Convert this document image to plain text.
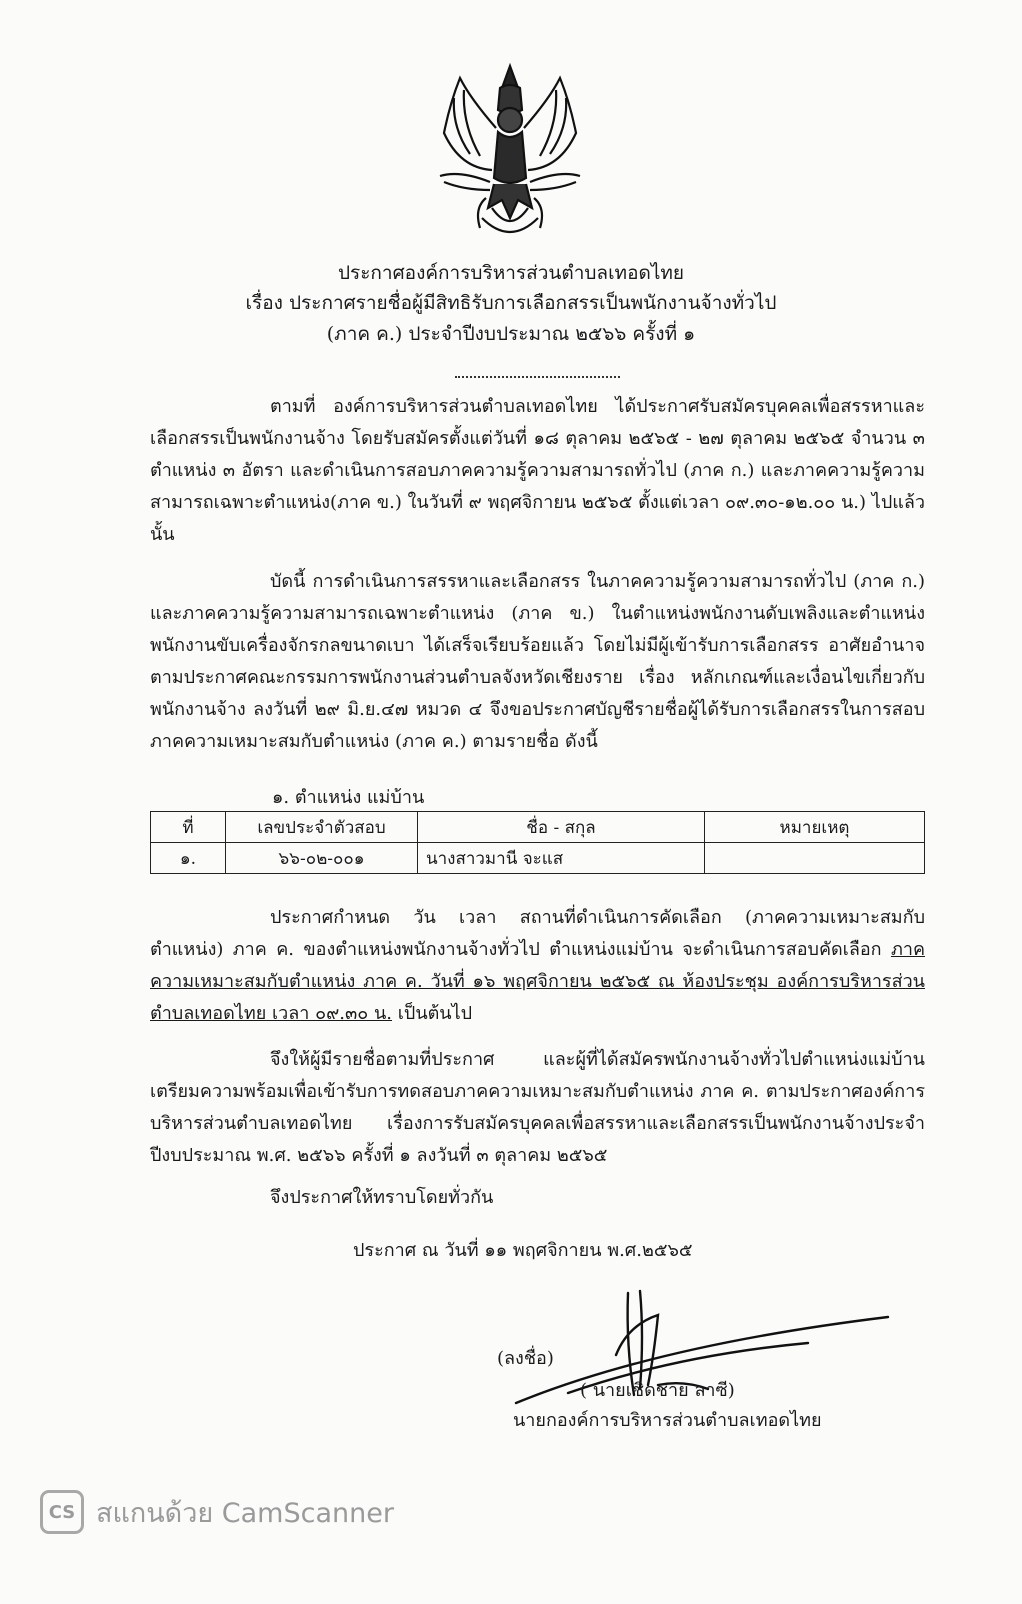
ประกาศองค์การบริหารส่วนตำบลเทอดไทย
เรื่อง ประกาศรายชื่อผู้มีสิทธิรับการเลือกสรรเป็นพนักงานจ้างทั่วไป
(ภาค ค.) ประจำปีงบประมาณ ๒๕๖๖ ครั้งที่ ๑
ตามที่ องค์การบริหารส่วนตำบลเทอดไทย ได้ประกาศรับสมัครบุคคลเพื่อสรรหาและเลือกสรรเป็นพนักงานจ้าง โดยรับสมัครตั้งแต่วันที่ ๑๘ ตุลาคม ๒๕๖๕ - ๒๗ ตุลาคม ๒๕๖๕ จำนวน ๓ ตำแหน่ง ๓ อัตรา และดำเนินการสอบภาคความรู้ความสามารถทั่วไป (ภาค ก.) และภาคความรู้ความสามารถเฉพาะตำแหน่ง(ภาค ข.) ในวันที่ ๙ พฤศจิกายน ๒๕๖๕ ตั้งแต่เวลา ๐๙.๓๐-๑๒.๐๐ น.) ไปแล้วนั้น
บัดนี้ การดำเนินการสรรหาและเลือกสรร ในภาคความรู้ความสามารถทั่วไป (ภาค ก.) และภาคความรู้ความสามารถเฉพาะตำแหน่ง (ภาค ข.) ในตำแหน่งพนักงานดับเพลิงและตำแหน่งพนักงานขับเครื่องจักรกลขนาดเบา ได้เสร็จเรียบร้อยแล้ว โดยไม่มีผู้เข้ารับการเลือกสรร อาศัยอำนาจตามประกาศคณะกรรมการพนักงานส่วนตำบลจังหวัดเชียงราย เรื่อง หลักเกณฑ์และเงื่อนไขเกี่ยวกับพนักงานจ้าง ลงวันที่ ๒๙ มิ.ย.๔๗ หมวด ๔ จึงขอประกาศบัญชีรายชื่อผู้ได้รับการเลือกสรรในการสอบภาคความเหมาะสมกับตำแหน่ง (ภาค ค.) ตามรายชื่อ ดังนี้
๑. ตำแหน่ง แม่บ้าน
ที่	เลขประจำตัวสอบ	ชื่อ - สกุล	หมายเหตุ
๑.	๖๖-๐๒-๐๐๑	นางสาวมานี จะแส	
ประกาศกำหนด วัน เวลา สถานที่ดำเนินการคัดเลือก (ภาคความเหมาะสมกับตำแหน่ง) ภาค ค. ของตำแหน่งพนักงานจ้างทั่วไป ตำแหน่งแม่บ้าน จะดำเนินการสอบคัดเลือก ภาคความเหมาะสมกับตำแหน่ง ภาค ค. วันที่ ๑๖ พฤศจิกายน ๒๕๖๕ ณ ห้องประชุม องค์การบริหารส่วนตำบลเทอดไทย เวลา ๐๙.๓๐ น. เป็นต้นไป
จึงให้ผู้มีรายชื่อตามที่ประกาศ และผู้ที่ได้สมัครพนักงานจ้างทั่วไปตำแหน่งแม่บ้าน เตรียมความพร้อมเพื่อเข้ารับการทดสอบภาคความเหมาะสมกับตำแหน่ง ภาค ค. ตามประกาศองค์การบริหารส่วนตำบลเทอดไทย เรื่องการรับสมัครบุคคลเพื่อสรรหาและเลือกสรรเป็นพนักงานจ้างประจำปีงบประมาณ พ.ศ. ๒๕๖๖ ครั้งที่ ๑ ลงวันที่ ๓ ตุลาคม ๒๕๖๕
จึงประกาศให้ทราบโดยทั่วกัน
ประกาศ ณ วันที่ ๑๑ พฤศจิกายน พ.ศ.๒๕๖๕
(ลงชื่อ)
( นายเชิดชาย ลาซี)
นายกองค์การบริหารส่วนตำบลเทอดไทย
CS สแกนด้วย CamScanner
